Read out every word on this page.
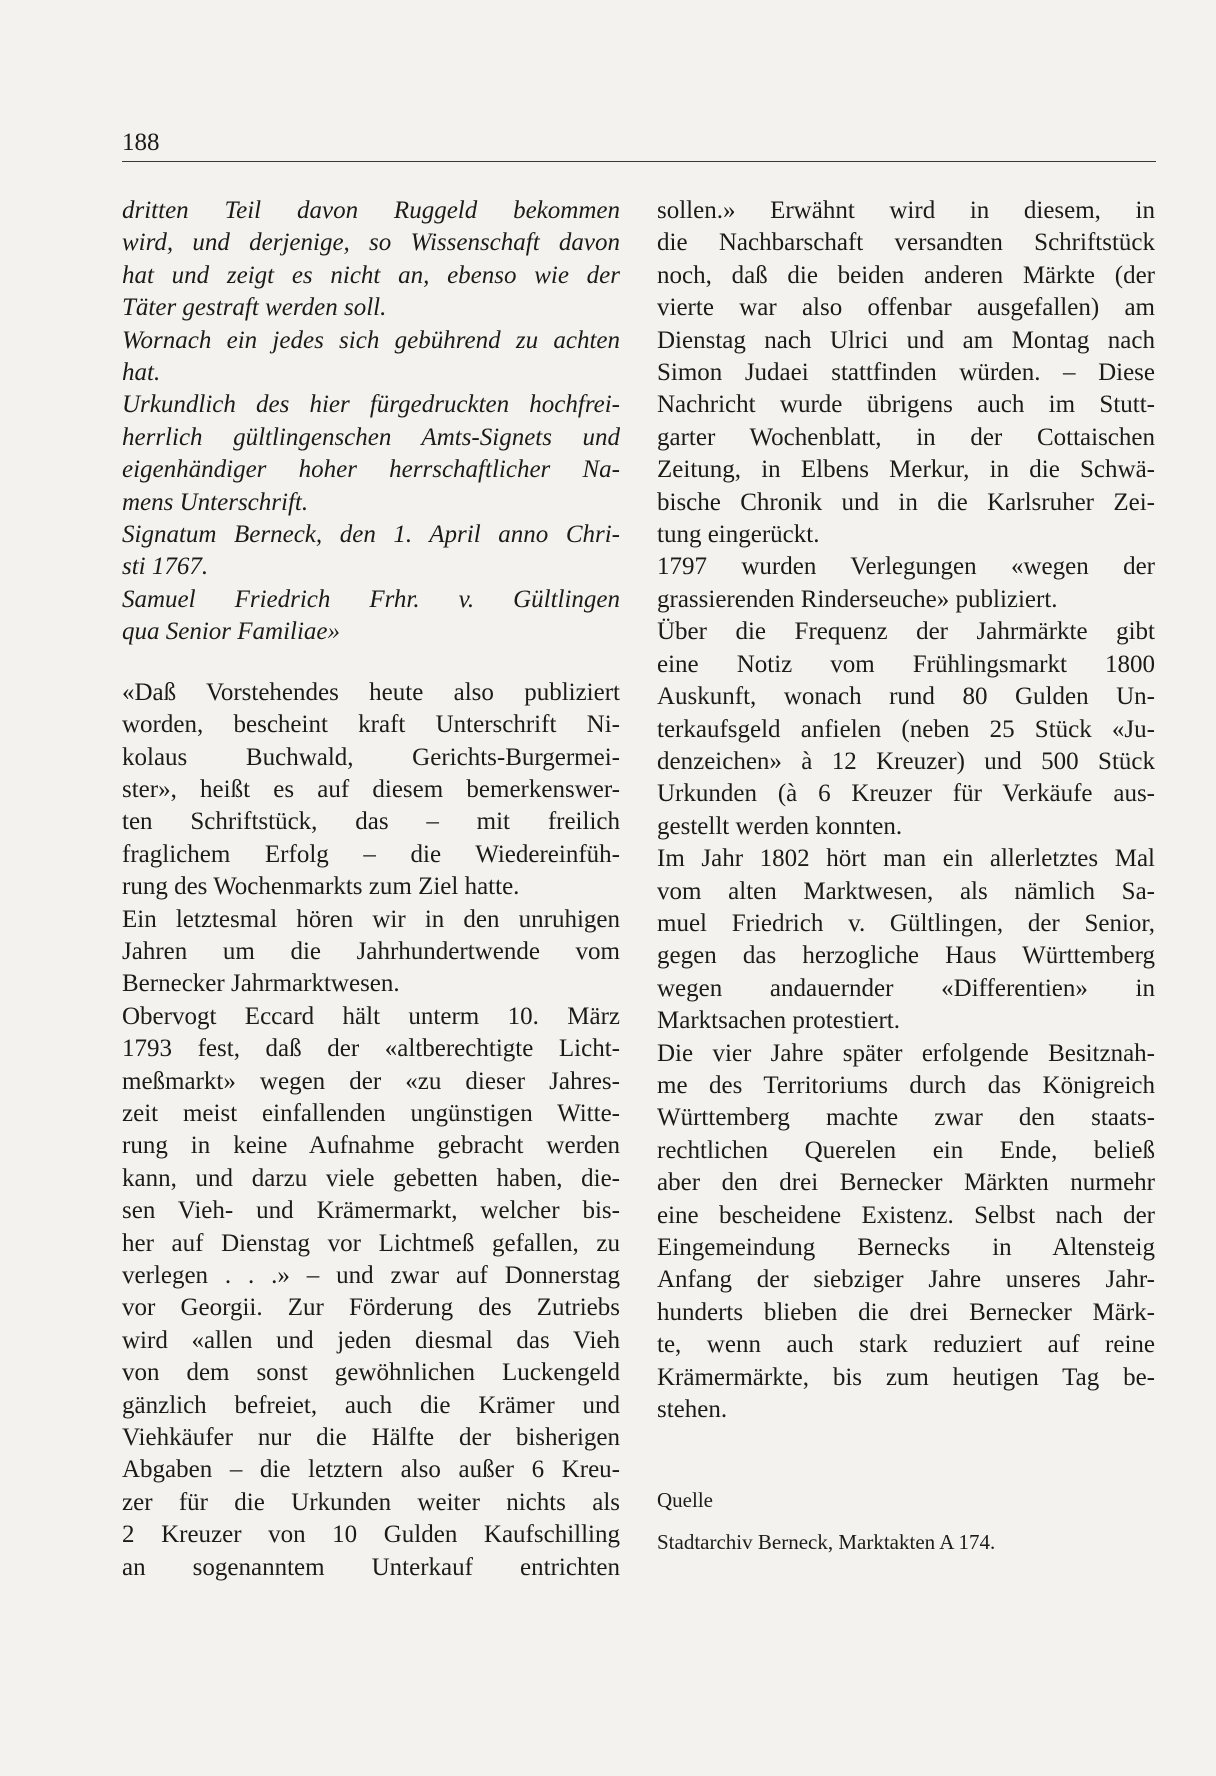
188
dritten Teil davon Ruggeld bekommen
wird, und derjenige, so Wissenschaft davon
hat und zeigt es nicht an, ebenso wie der
Täter gestraft werden soll.
Wornach ein jedes sich gebührend zu achten
hat.
Urkundlich des hier fürgedruckten hochfrei-
herrlich gültlingenschen Amts-Signets und
eigenhändiger hoher herrschaftlicher Na-
mens Unterschrift.
Signatum Berneck, den 1. April anno Chri-
sti 1767.
Samuel Friedrich Frhr. v. Gültlingen
qua Senior Familiae»
«Daß Vorstehendes heute also publiziert
worden, bescheint kraft Unterschrift Ni-
kolaus Buchwald, Gerichts-Burgermei-
ster», heißt es auf diesem bemerkenswer-
ten Schriftstück, das – mit freilich
fraglichem Erfolg – die Wiedereinfüh-
rung des Wochenmarkts zum Ziel hatte.
Ein letztesmal hören wir in den unruhigen
Jahren um die Jahrhundertwende vom
Bernecker Jahrmarktwesen.
Obervogt Eccard hält unterm 10. März
1793 fest, daß der «altberechtigte Licht-
meßmarkt» wegen der «zu dieser Jahres-
zeit meist einfallenden ungünstigen Witte-
rung in keine Aufnahme gebracht werden
kann, und darzu viele gebetten haben, die-
sen Vieh- und Krämermarkt, welcher bis-
her auf Dienstag vor Lichtmeß gefallen, zu
verlegen . . .» – und zwar auf Donnerstag
vor Georgii. Zur Förderung des Zutriebs
wird «allen und jeden diesmal das Vieh
von dem sonst gewöhnlichen Luckengeld
gänzlich befreiet, auch die Krämer und
Viehkäufer nur die Hälfte der bisherigen
Abgaben – die letztern also außer 6 Kreu-
zer für die Urkunden weiter nichts als
2 Kreuzer von 10 Gulden Kaufschilling
an sogenanntem Unterkauf entrichten
sollen.» Erwähnt wird in diesem, in
die Nachbarschaft versandten Schriftstück
noch, daß die beiden anderen Märkte (der
vierte war also offenbar ausgefallen) am
Dienstag nach Ulrici und am Montag nach
Simon Judaei stattfinden würden. – Diese
Nachricht wurde übrigens auch im Stutt-
garter Wochenblatt, in der Cottaischen
Zeitung, in Elbens Merkur, in die Schwä-
bische Chronik und in die Karlsruher Zei-
tung eingerückt.
1797 wurden Verlegungen «wegen der
grassierenden Rinderseuche» publiziert.
Über die Frequenz der Jahrmärkte gibt
eine Notiz vom Frühlingsmarkt 1800
Auskunft, wonach rund 80 Gulden Un-
terkaufsgeld anfielen (neben 25 Stück «Ju-
denzeichen» à 12 Kreuzer) und 500 Stück
Urkunden (à 6 Kreuzer für Verkäufe aus-
gestellt werden konnten.
Im Jahr 1802 hört man ein allerletztes Mal
vom alten Marktwesen, als nämlich Sa-
muel Friedrich v. Gültlingen, der Senior,
gegen das herzogliche Haus Württemberg
wegen andauernder «Differentien» in
Marktsachen protestiert.
Die vier Jahre später erfolgende Besitznah-
me des Territoriums durch das Königreich
Württemberg machte zwar den staats-
rechtlichen Querelen ein Ende, beließ
aber den drei Bernecker Märkten nurmehr
eine bescheidene Existenz. Selbst nach der
Eingemeindung Bernecks in Altensteig
Anfang der siebziger Jahre unseres Jahr-
hunderts blieben die drei Bernecker Märk-
te, wenn auch stark reduziert auf reine
Krämermärkte, bis zum heutigen Tag be-
stehen.
Quelle
Stadtarchiv Berneck, Marktakten A 174.
